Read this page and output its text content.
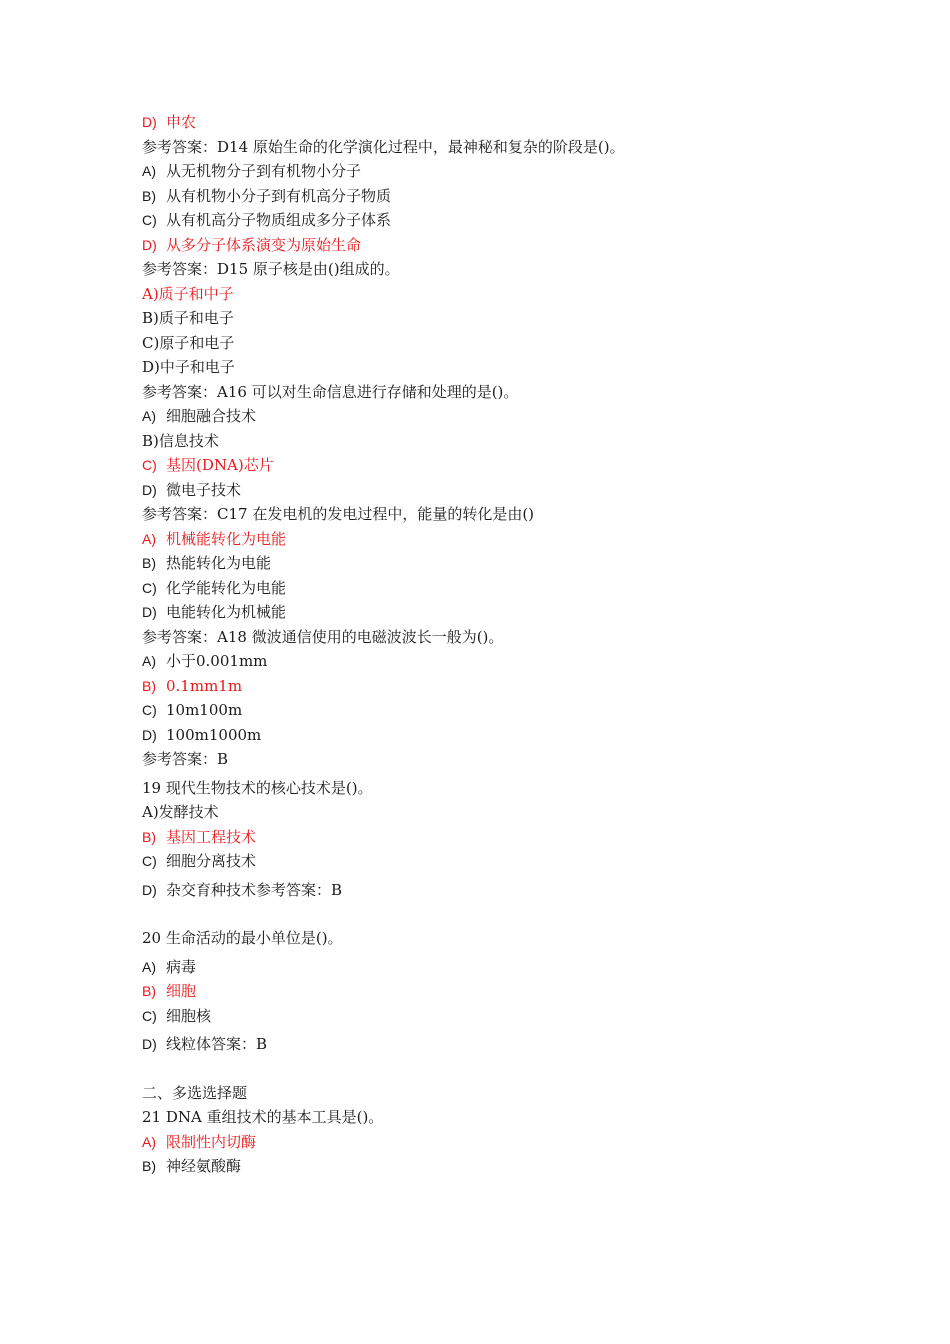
D) 申农
参考答案：D14 原始生命的化学演化过程中，最神秘和复杂的阶段是()。
A) 从无机物分子到有机物小分子
B) 从有机物小分子到有机高分子物质
C) 从有机高分子物质组成多分子体系
D) 从多分子体系演变为原始生命
参考答案：D15 原子核是由()组成的。
A)质子和中子
B)质子和电子
C)原子和电子
D)中子和电子
参考答案：A16 可以对生命信息进行存储和处理的是()。
A) 细胞融合技术
B)信息技术
C) 基因(DNA)芯片
D) 微电子技术
参考答案：C17 在发电机的发电过程中，能量的转化是由()
A) 机械能转化为电能
B) 热能转化为电能
C) 化学能转化为电能
D) 电能转化为机械能
参考答案：A18 微波通信使用的电磁波波长一般为()。
A) 小于0.001mm
B) 0.1mm1m
C) 10m100m
D) 100m1000m
参考答案：B
19 现代生物技术的核心技术是()。
A)发酵技术
B) 基因工程技术
C) 细胞分离技术
D) 杂交育种技术参考答案：B
20 生命活动的最小单位是()。
A) 病毒
B) 细胞
C) 细胞核
D) 线粒体答案：B
二、多选选择题
21 DNA 重组技术的基本工具是()。
A) 限制性内切酶
B) 神经氨酸酶
